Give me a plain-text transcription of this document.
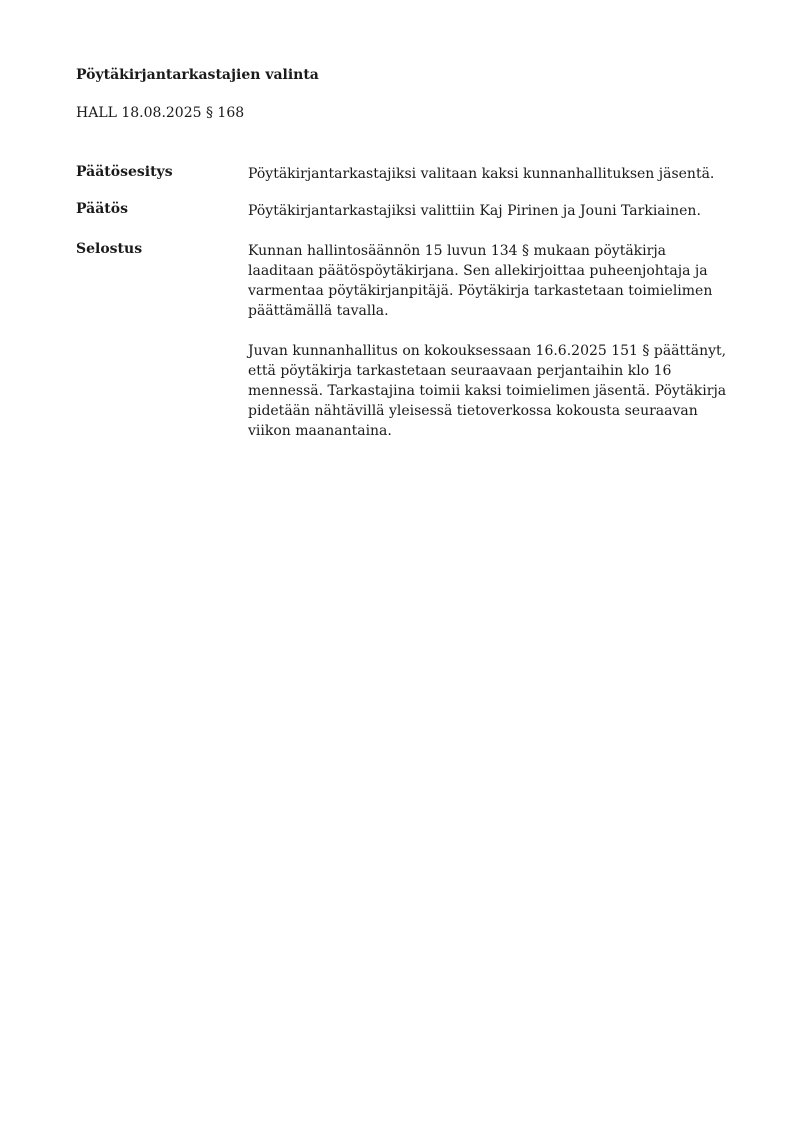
Pöytäkirjantarkastajien valinta

HALL 18.08.2025 § 168

Päätösesitys	Pöytäkirjantarkastajiksi valitaan kaksi kunnanhallituksen jäsentä.

Päätös	Pöytäkirjantarkastajiksi valittiin Kaj Pirinen ja Jouni Tarkiainen.

Selostus	Kunnan hallintosäännön 15 luvun 134 § mukaan pöytäkirja laaditaan päätöspöytäkirjana. Sen allekirjoittaa puheenjohtaja ja varmentaa pöytäkirjanpitäjä. Pöytäkirja tarkastetaan toimielimen päättämällä tavalla.

Juvan kunnanhallitus on kokouksessaan 16.6.2025 151 § päättänyt, että pöytäkirja tarkastetaan seuraavaan perjantaihin klo 16 mennessä. Tarkastajina toimii kaksi toimielimen jäsentä. Pöytäkirja pidetään nähtävillä yleisessä tietoverkossa kokousta seuraavan viikon maanantaina.
